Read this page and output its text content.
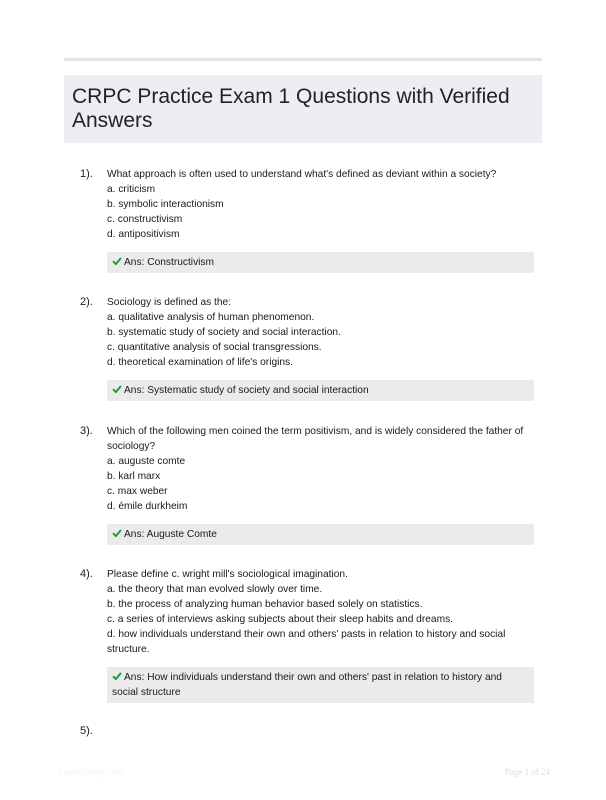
CRPC Practice Exam 1 Questions with Verified Answers
1). What approach is often used to understand what's defined as deviant within a society?

a. criticism

b. symbolic interactionism

c. constructivism

d. antipositivism

Ans: Constructivism
2). Sociology is defined as the:

a. qualitative analysis of human phenomenon.

b. systematic study of society and social interaction.

c. quantitative analysis of social transgressions.

d. theoretical examination of life's origins.

Ans: Systematic study of society and social interaction
3). Which of the following men coined the term positivism, and is widely considered the father of sociology?

a. auguste comte

b. karl marx

c. max weber

d. émile durkheim

Ans: Auguste Comte
4). Please define c. wright mill's sociological imagination.

a. the theory that man evolved slowly over time.

b. the process of analyzing human behavior based solely on statistics.

c. a series of interviews asking subjects about their sleep habits and dreams.

d. how individuals understand their own and others' pasts in relation to history and social structure.

Ans: How individuals understand their own and others' past in relation to history and social structure
5).
PaperStudy.com	Page 1 of 24
